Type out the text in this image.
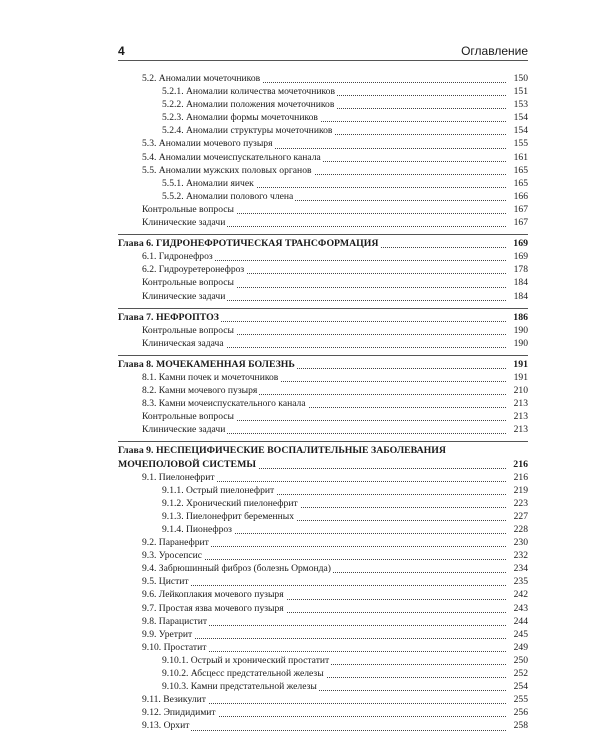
4	Оглавление
5.2. Аномалии мочеточников	150
5.2.1. Аномалии количества мочеточников	151
5.2.2. Аномалии положения мочеточников	153
5.2.3. Аномалии формы мочеточников	154
5.2.4. Аномалии структуры мочеточников	154
5.3. Аномалии мочевого пузыря	155
5.4. Аномалии мочеиспускательного канала	161
5.5. Аномалии мужских половых органов	165
5.5.1. Аномалии яичек	165
5.5.2. Аномалии полового члена	166
Контрольные вопросы	167
Клинические задачи	167
Глава 6. ГИДРОНЕФРОТИЧЕСКАЯ ТРАНСФОРМАЦИЯ	169
6.1. Гидронефроз	169
6.2. Гидроуретеронефроз	178
Контрольные вопросы	184
Клинические задачи	184
Глава 7. НЕФРОПТОЗ	186
Контрольные вопросы	190
Клиническая задача	190
Глава 8. МОЧЕКАМЕННАЯ БОЛЕЗНЬ	191
8.1. Камни почек и мочеточников	191
8.2. Камни мочевого пузыря	210
8.3. Камни мочеиспускательного канала	213
Контрольные вопросы	213
Клинические задачи	213
Глава 9. НЕСПЕЦИФИЧЕСКИЕ ВОСПАЛИТЕЛЬНЫЕ ЗАБОЛЕВАНИЯ
МОЧЕПОЛОВОЙ СИСТЕМЫ	216
9.1. Пиелонефрит	216
9.1.1. Острый пиелонефрит	219
9.1.2. Хронический пиелонефрит	223
9.1.3. Пиелонефрит беременных	227
9.1.4. Пионефроз	228
9.2. Паранефрит	230
9.3. Уросепсис	232
9.4. Забрюшинный фиброз (болезнь Ормонда)	234
9.5. Цистит	235
9.6. Лейкоплакия мочевого пузыря	242
9.7. Простая язва мочевого пузыря	243
9.8. Парацистит	244
9.9. Уретрит	245
9.10. Простатит	249
9.10.1. Острый и хронический простатит	250
9.10.2. Абсцесс предстательной железы	252
9.10.3. Камни предстательной железы	254
9.11. Везикулит	255
9.12. Эпидидимит	256
9.13. Орхит	258
